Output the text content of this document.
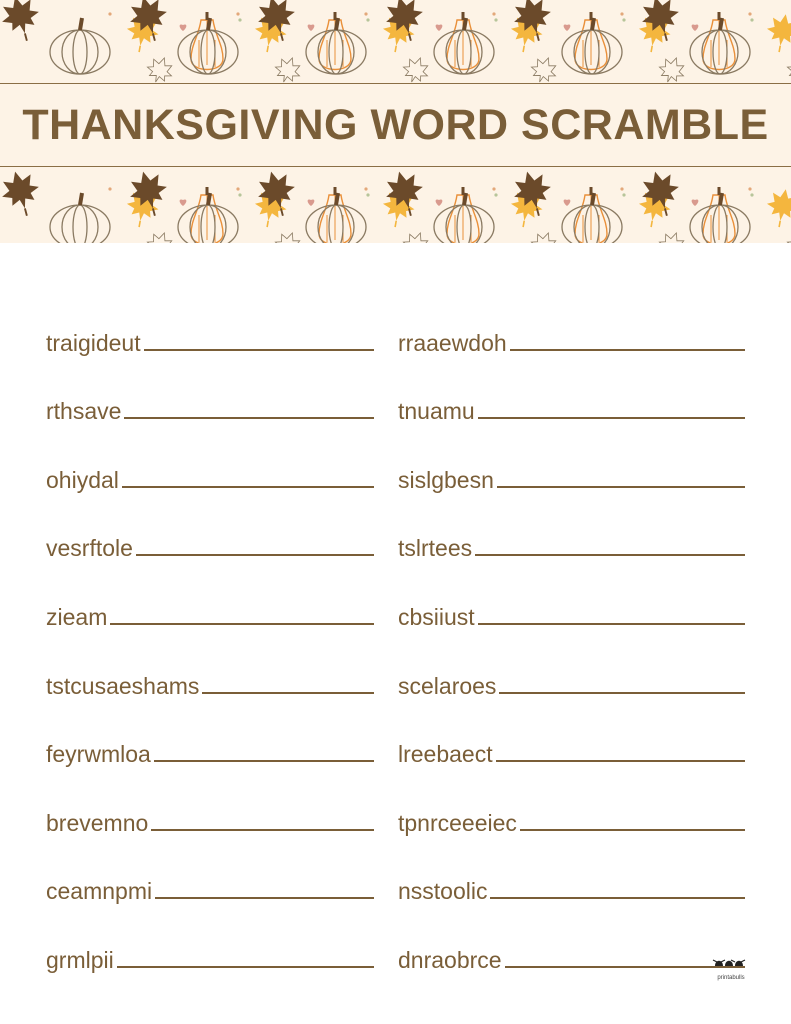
THANKSGIVING WORD SCRAMBLE
traigideut
rthsave
ohiydal
vesrftole
zieam
tstcusaeshams
feyrwmloa
brevemno
ceamnpmi
grmlpii
rraaewdoh
tnuamu
sislgbesn
tslrtees
cbsiiust
scelaroes
lreebaect
tpnrceeeiec
nsstoolic
dnraobrce
printabulls
